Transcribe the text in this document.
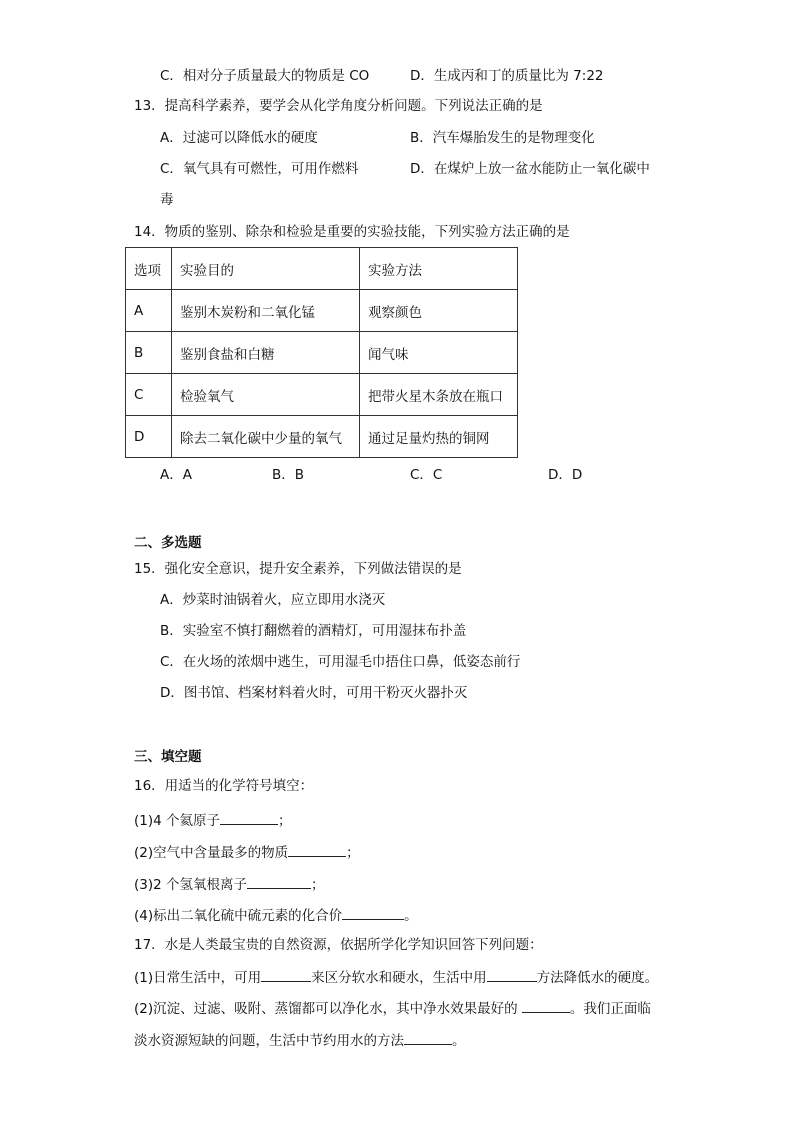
C．相对分子质量最大的物质是 CO	D．生成丙和丁的质量比为 7:22
13．提高科学素养，要学会从化学角度分析问题。下列说法正确的是
A．过滤可以降低水的硬度	B．汽车爆胎发生的是物理变化
C．氧气具有可燃性，可用作燃料	D．在煤炉上放一盆水能防止一氧化碳中
毒
14．物质的鉴别、除杂和检验是重要的实验技能，下列实验方法正确的是
选项	实验目的	实验方法
A	鉴别木炭粉和二氧化锰	观察颜色
B	鉴别食盐和白糖	闻气味
C	检验氧气	把带火星木条放在瓶口
D	除去二氧化碳中少量的氧气	通过足量灼热的铜网
A．A	B．B	C．C	D．D
二、多选题
15．强化安全意识，提升安全素养，下列做法错误的是
A．炒菜时油锅着火，应立即用水浇灭
B．实验室不慎打翻燃着的酒精灯，可用湿抹布扑盖
C．在火场的浓烟中逃生，可用湿毛巾捂住口鼻，低姿态前行
D．图书馆、档案材料着火时，可用干粉灭火器扑灭
三、填空题
16．用适当的化学符号填空：
(1)4 个氦原子	；
(2)空气中含量最多的物质	；
(3)2 个氢氧根离子	；
(4)标出二氧化硫中硫元素的化合价	。
17．水是人类最宝贵的自然资源，依据所学化学知识回答下列问题：
(1)日常生活中，可用	来区分软水和硬水，生活中用	方法降低水的硬度。
(2)沉淀、过滤、吸附、蒸馏都可以净化水，其中净水效果最好的	。我们正面临
淡水资源短缺的问题，生活中节约用水的方法	。
